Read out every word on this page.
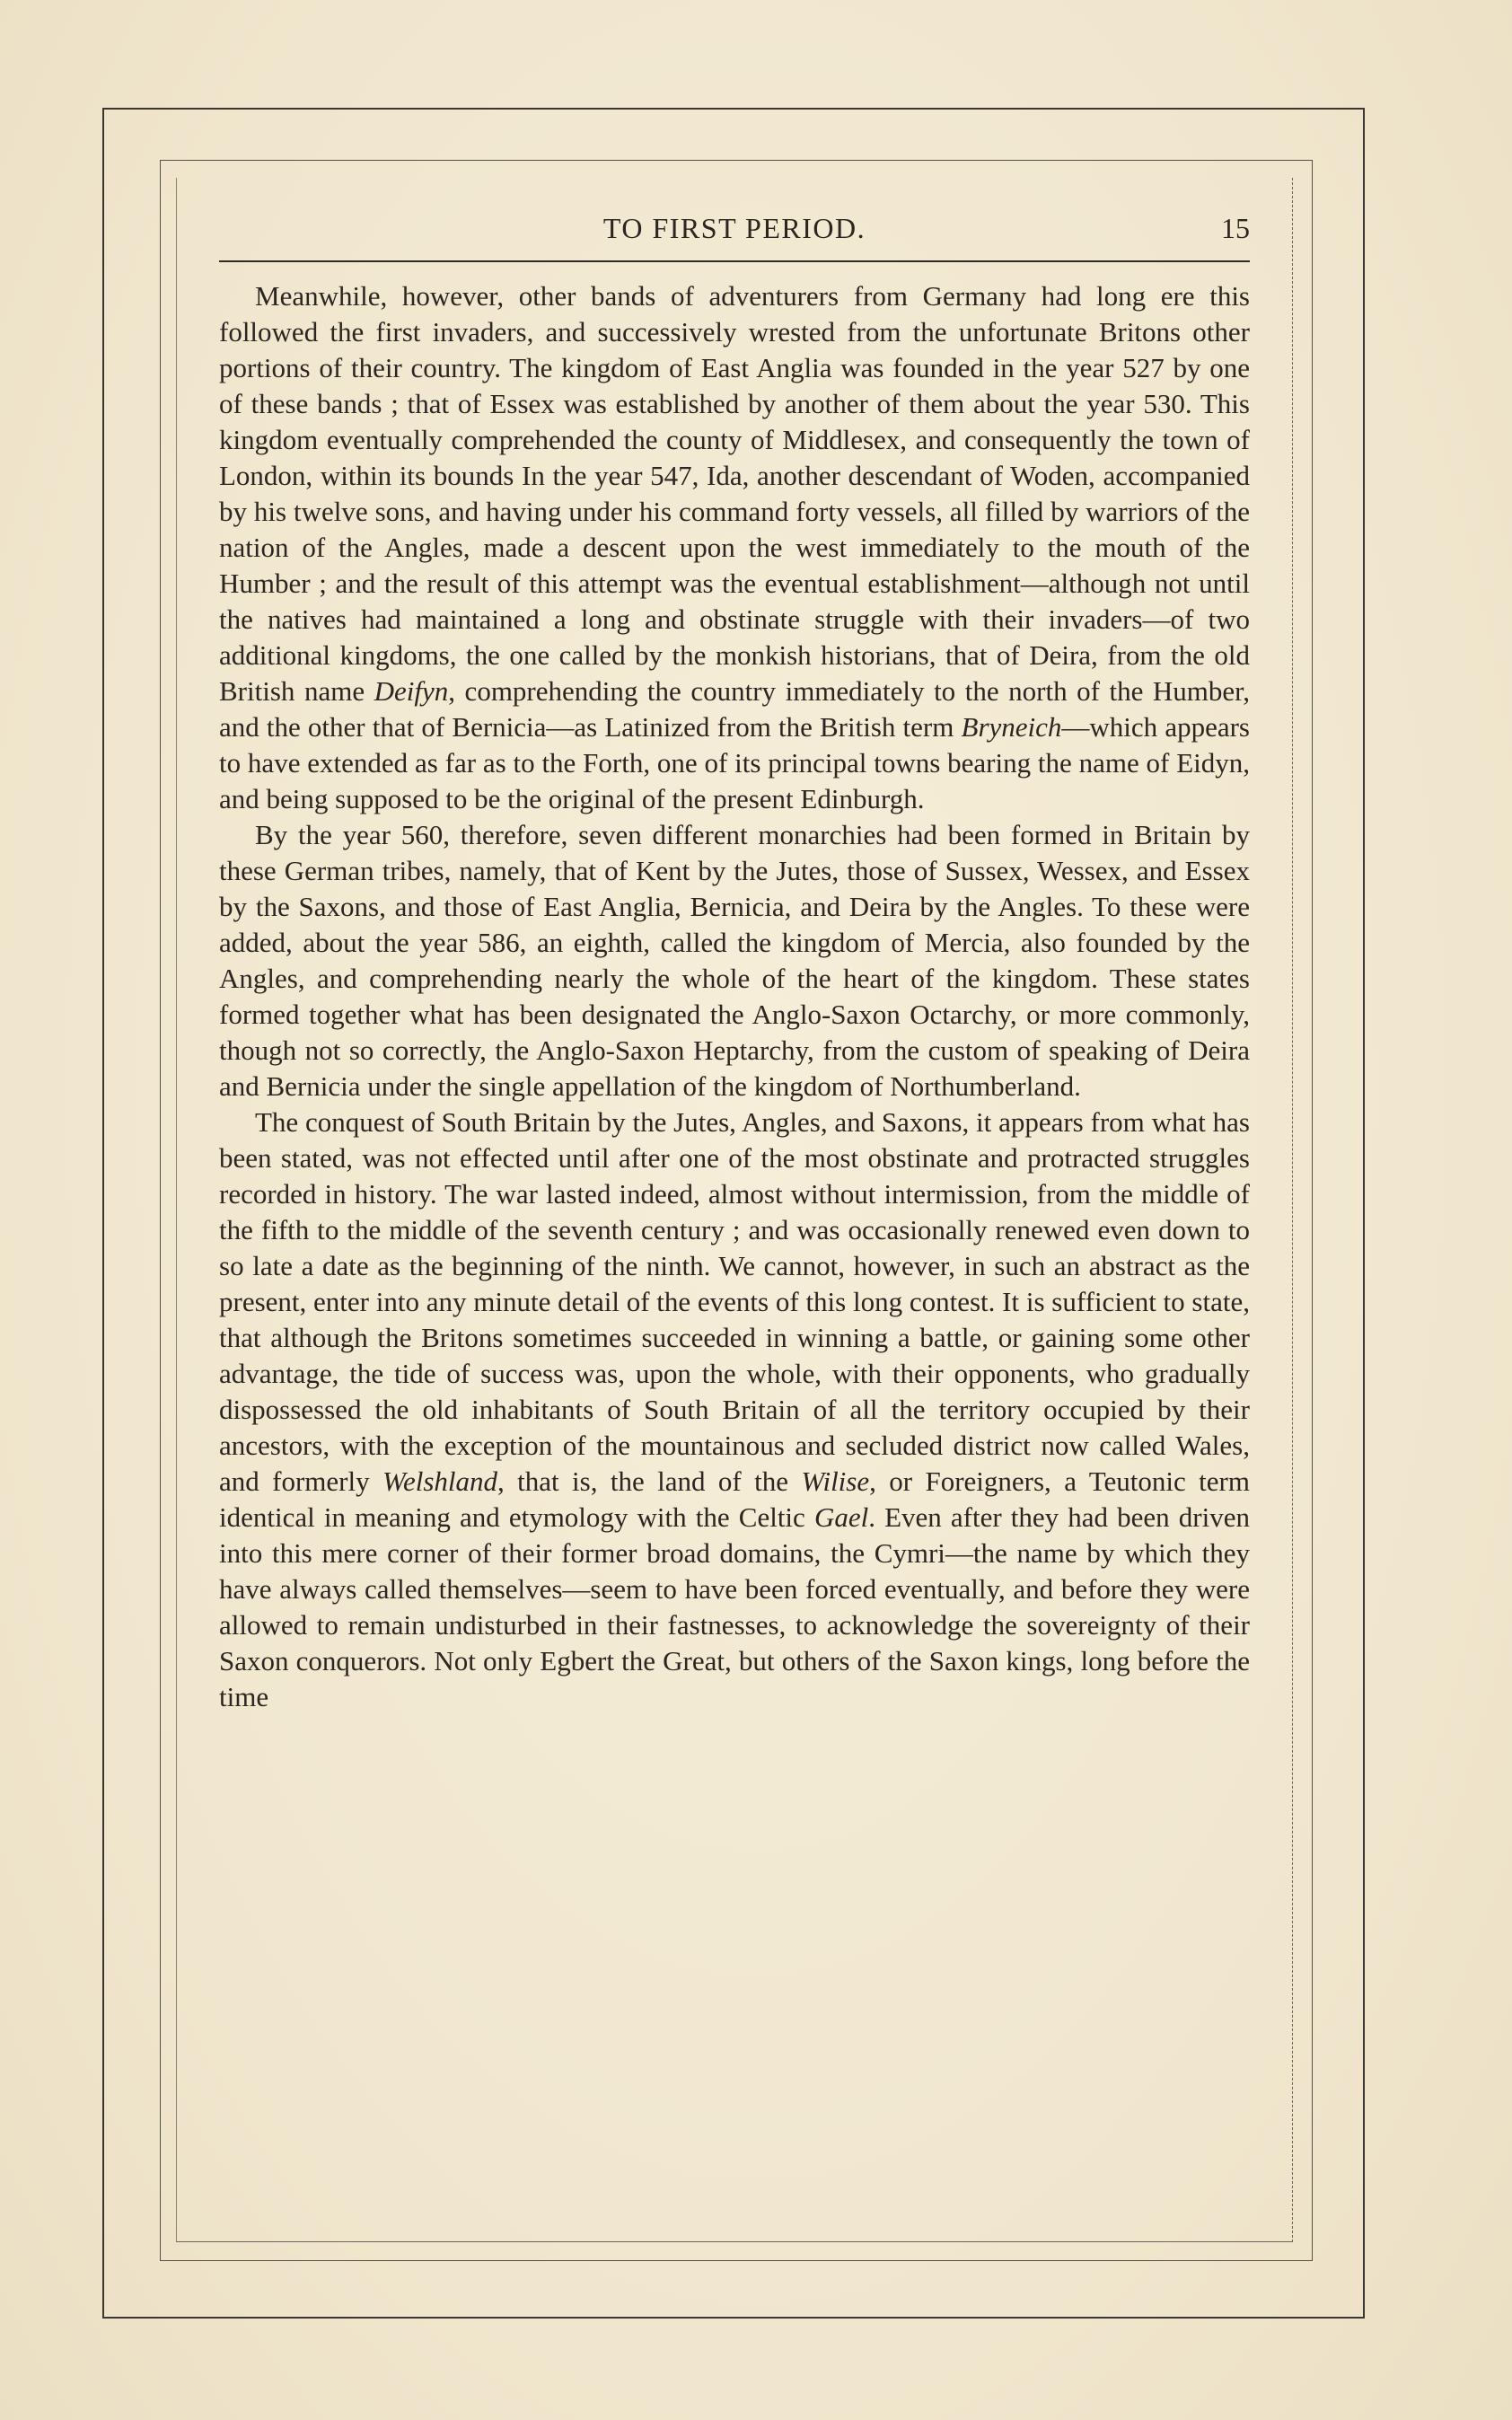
TO FIRST PERIOD.	15

Meanwhile, however, other bands of adventurers from Germany had long ere this followed the first invaders, and successively wrested from the unfortunate Britons other portions of their country. The kingdom of East Anglia was founded in the year 527 by one of these bands ; that of Essex was established by another of them about the year 530. This kingdom eventually comprehended the county of Middlesex, and consequently the town of London, within its bounds In the year 547, Ida, another descendant of Woden, accompanied by his twelve sons, and having under his command forty vessels, all filled by warriors of the nation of the Angles, made a descent upon the west immediately to the mouth of the Humber ; and the result of this attempt was the eventual establishment—although not until the natives had maintained a long and obstinate struggle with their invaders—of two additional kingdoms, the one called by the monkish historians, that of Deira, from the old British name Deifyn, comprehending the country immediately to the north of the Humber, and the other that of Bernicia—as Latinized from the British term Bryneich—which appears to have extended as far as to the Forth, one of its principal towns bearing the name of Eidyn, and being supposed to be the original of the present Edinburgh.

By the year 560, therefore, seven different monarchies had been formed in Britain by these German tribes, namely, that of Kent by the Jutes, those of Sussex, Wessex, and Essex by the Saxons, and those of East Anglia, Bernicia, and Deira by the Angles. To these were added, about the year 586, an eighth, called the kingdom of Mercia, also founded by the Angles, and comprehending nearly the whole of the heart of the kingdom. These states formed together what has been designated the Anglo-Saxon Octarchy, or more commonly, though not so correctly, the Anglo-Saxon Heptarchy, from the custom of speaking of Deira and Bernicia under the single appellation of the kingdom of Northumberland.

The conquest of South Britain by the Jutes, Angles, and Saxons, it appears from what has been stated, was not effected until after one of the most obstinate and protracted struggles recorded in history. The war lasted indeed, almost without intermission, from the middle of the fifth to the middle of the seventh century ; and was occasionally renewed even down to so late a date as the beginning of the ninth. We cannot, however, in such an abstract as the present, enter into any minute detail of the events of this long contest. It is sufficient to state, that although the Britons sometimes succeeded in winning a battle, or gaining some other advantage, the tide of success was, upon the whole, with their opponents, who gradually dispossessed the old inhabitants of South Britain of all the territory occupied by their ancestors, with the exception of the mountainous and secluded district now called Wales, and formerly Welshland, that is, the land of the Wilise, or Foreigners, a Teutonic term identical in meaning and etymology with the Celtic Gael. Even after they had been driven into this mere corner of their former broad domains, the Cymri—the name by which they have always called themselves—seem to have been forced eventually, and before they were allowed to remain undisturbed in their fastnesses, to acknowledge the sovereignty of their Saxon conquerors. Not only Egbert the Great, but others of the Saxon kings, long before the time
